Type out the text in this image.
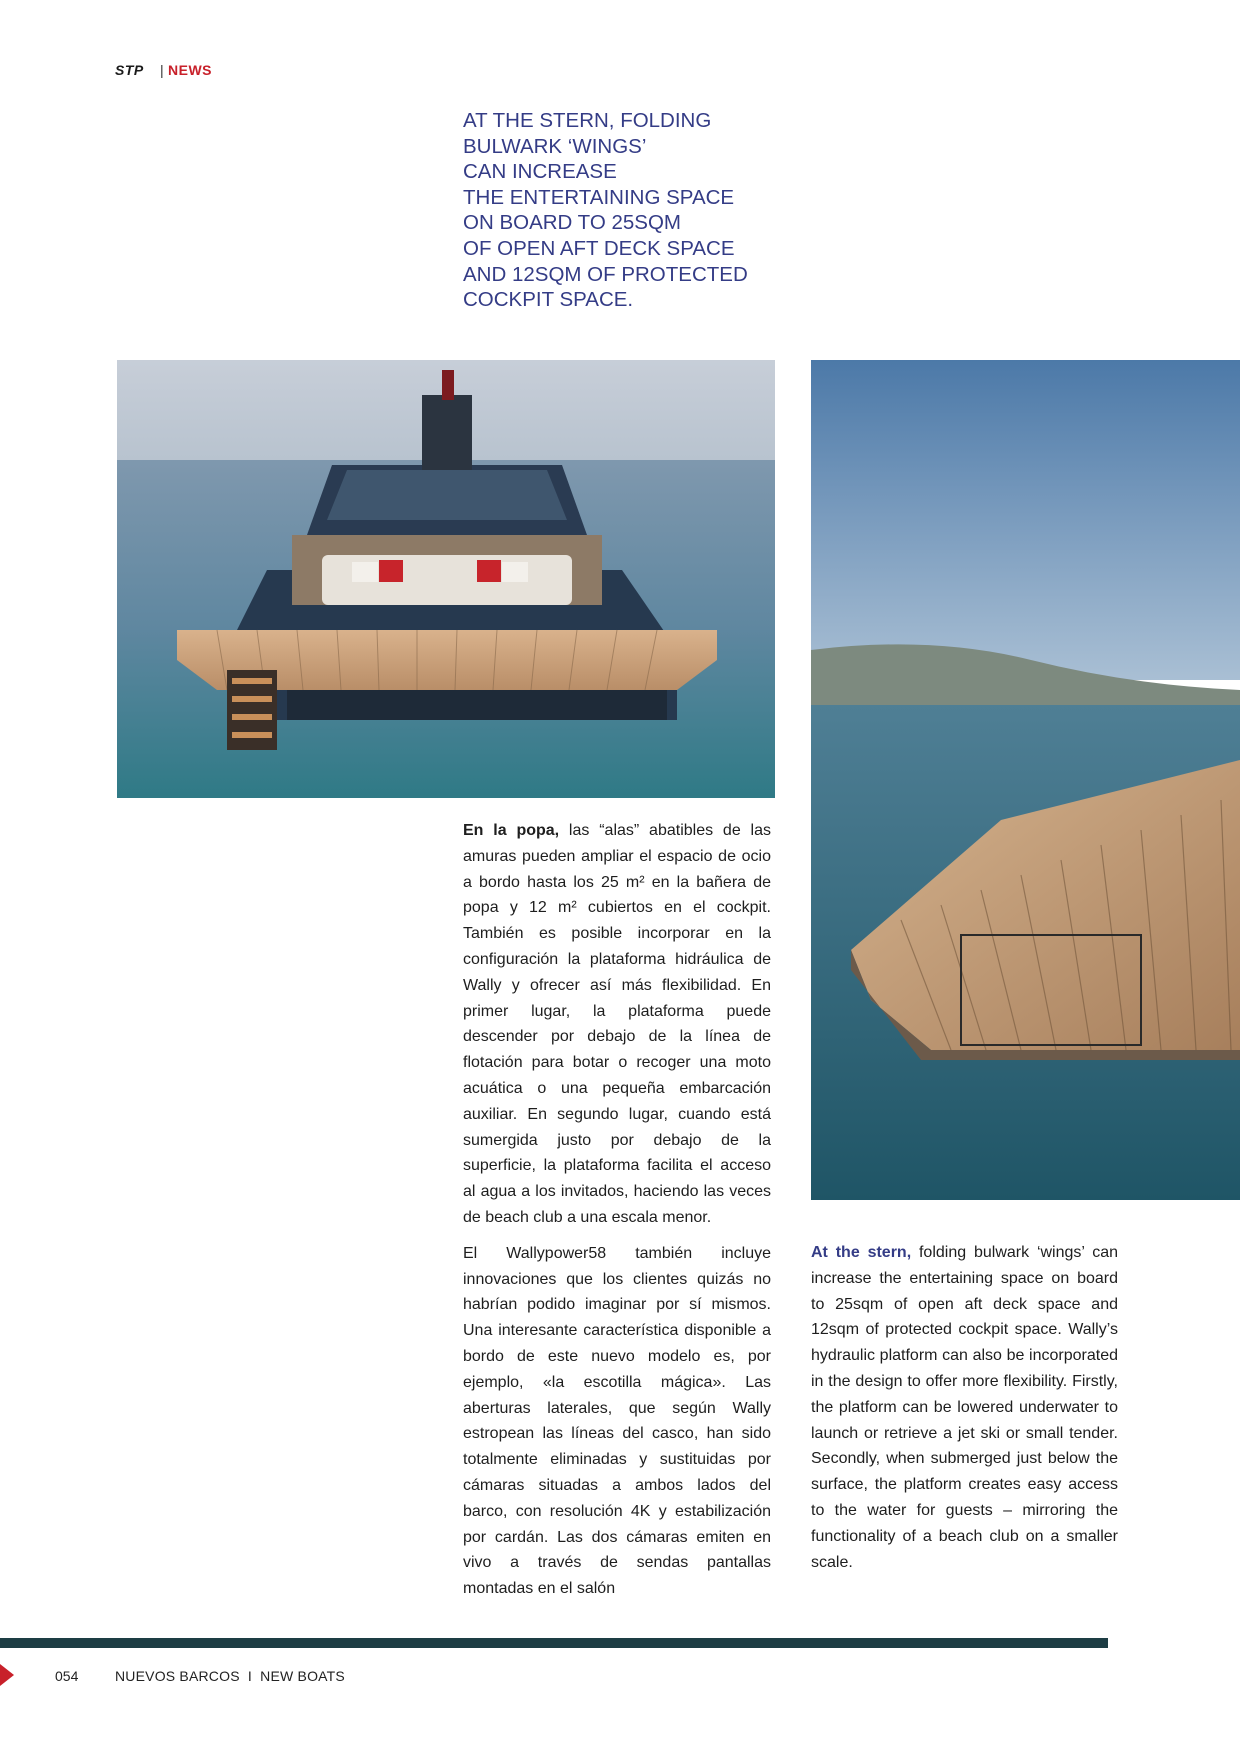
STP | NEWS
AT THE STERN, FOLDING
BULWARK ‘WINGS’
CAN INCREASE
THE ENTERTAINING SPACE
ON BOARD TO 25SQM
OF OPEN AFT DECK SPACE
AND 12SQM OF PROTECTED
COCKPIT SPACE.

En la popa, las “alas” abatibles de las amuras pueden ampliar el espacio de ocio a bordo hasta los 25 m² en la bañera de popa y 12 m² cubiertos en el cockpit. También es posible incorporar en la configuración la plataforma hidráulica de Wally y ofrecer así más flexibilidad. En primer lugar, la plataforma puede descender por debajo de la línea de flotación para botar o recoger una moto acuática o una pequeña embarcación auxiliar. En segundo lugar, cuando está sumergida justo por debajo de la superficie, la plataforma facilita el acceso al agua a los invitados, haciendo las veces de beach club a una escala menor.

El Wallypower58 también incluye innovaciones que los clientes quizás no habrían podido imaginar por sí mismos. Una interesante característica disponible a bordo de este nuevo modelo es, por ejemplo, «la escotilla mágica». Las aberturas laterales, que según Wally estropean las líneas del casco, han sido totalmente eliminadas y sustituidas por cámaras situadas a ambos lados del barco, con resolución 4K y estabilización por cardán. Las dos cámaras emiten en vivo a través de sendas pantallas montadas en el salón

At the stern, folding bulwark ‘wings’ can increase the entertaining space on board to 25sqm of open aft deck space and 12sqm of protected cockpit space. Wally’s hydraulic platform can also be incorporated in the design to offer more flexibility. Firstly, the platform can be lowered underwater to launch or retrieve a jet ski or small tender. Secondly, when submerged just below the surface, the platform creates easy access to the water for guests – mirroring the functionality of a beach club on a smaller scale.

054	NUEVOS BARCOS  I  NEW BOATS
